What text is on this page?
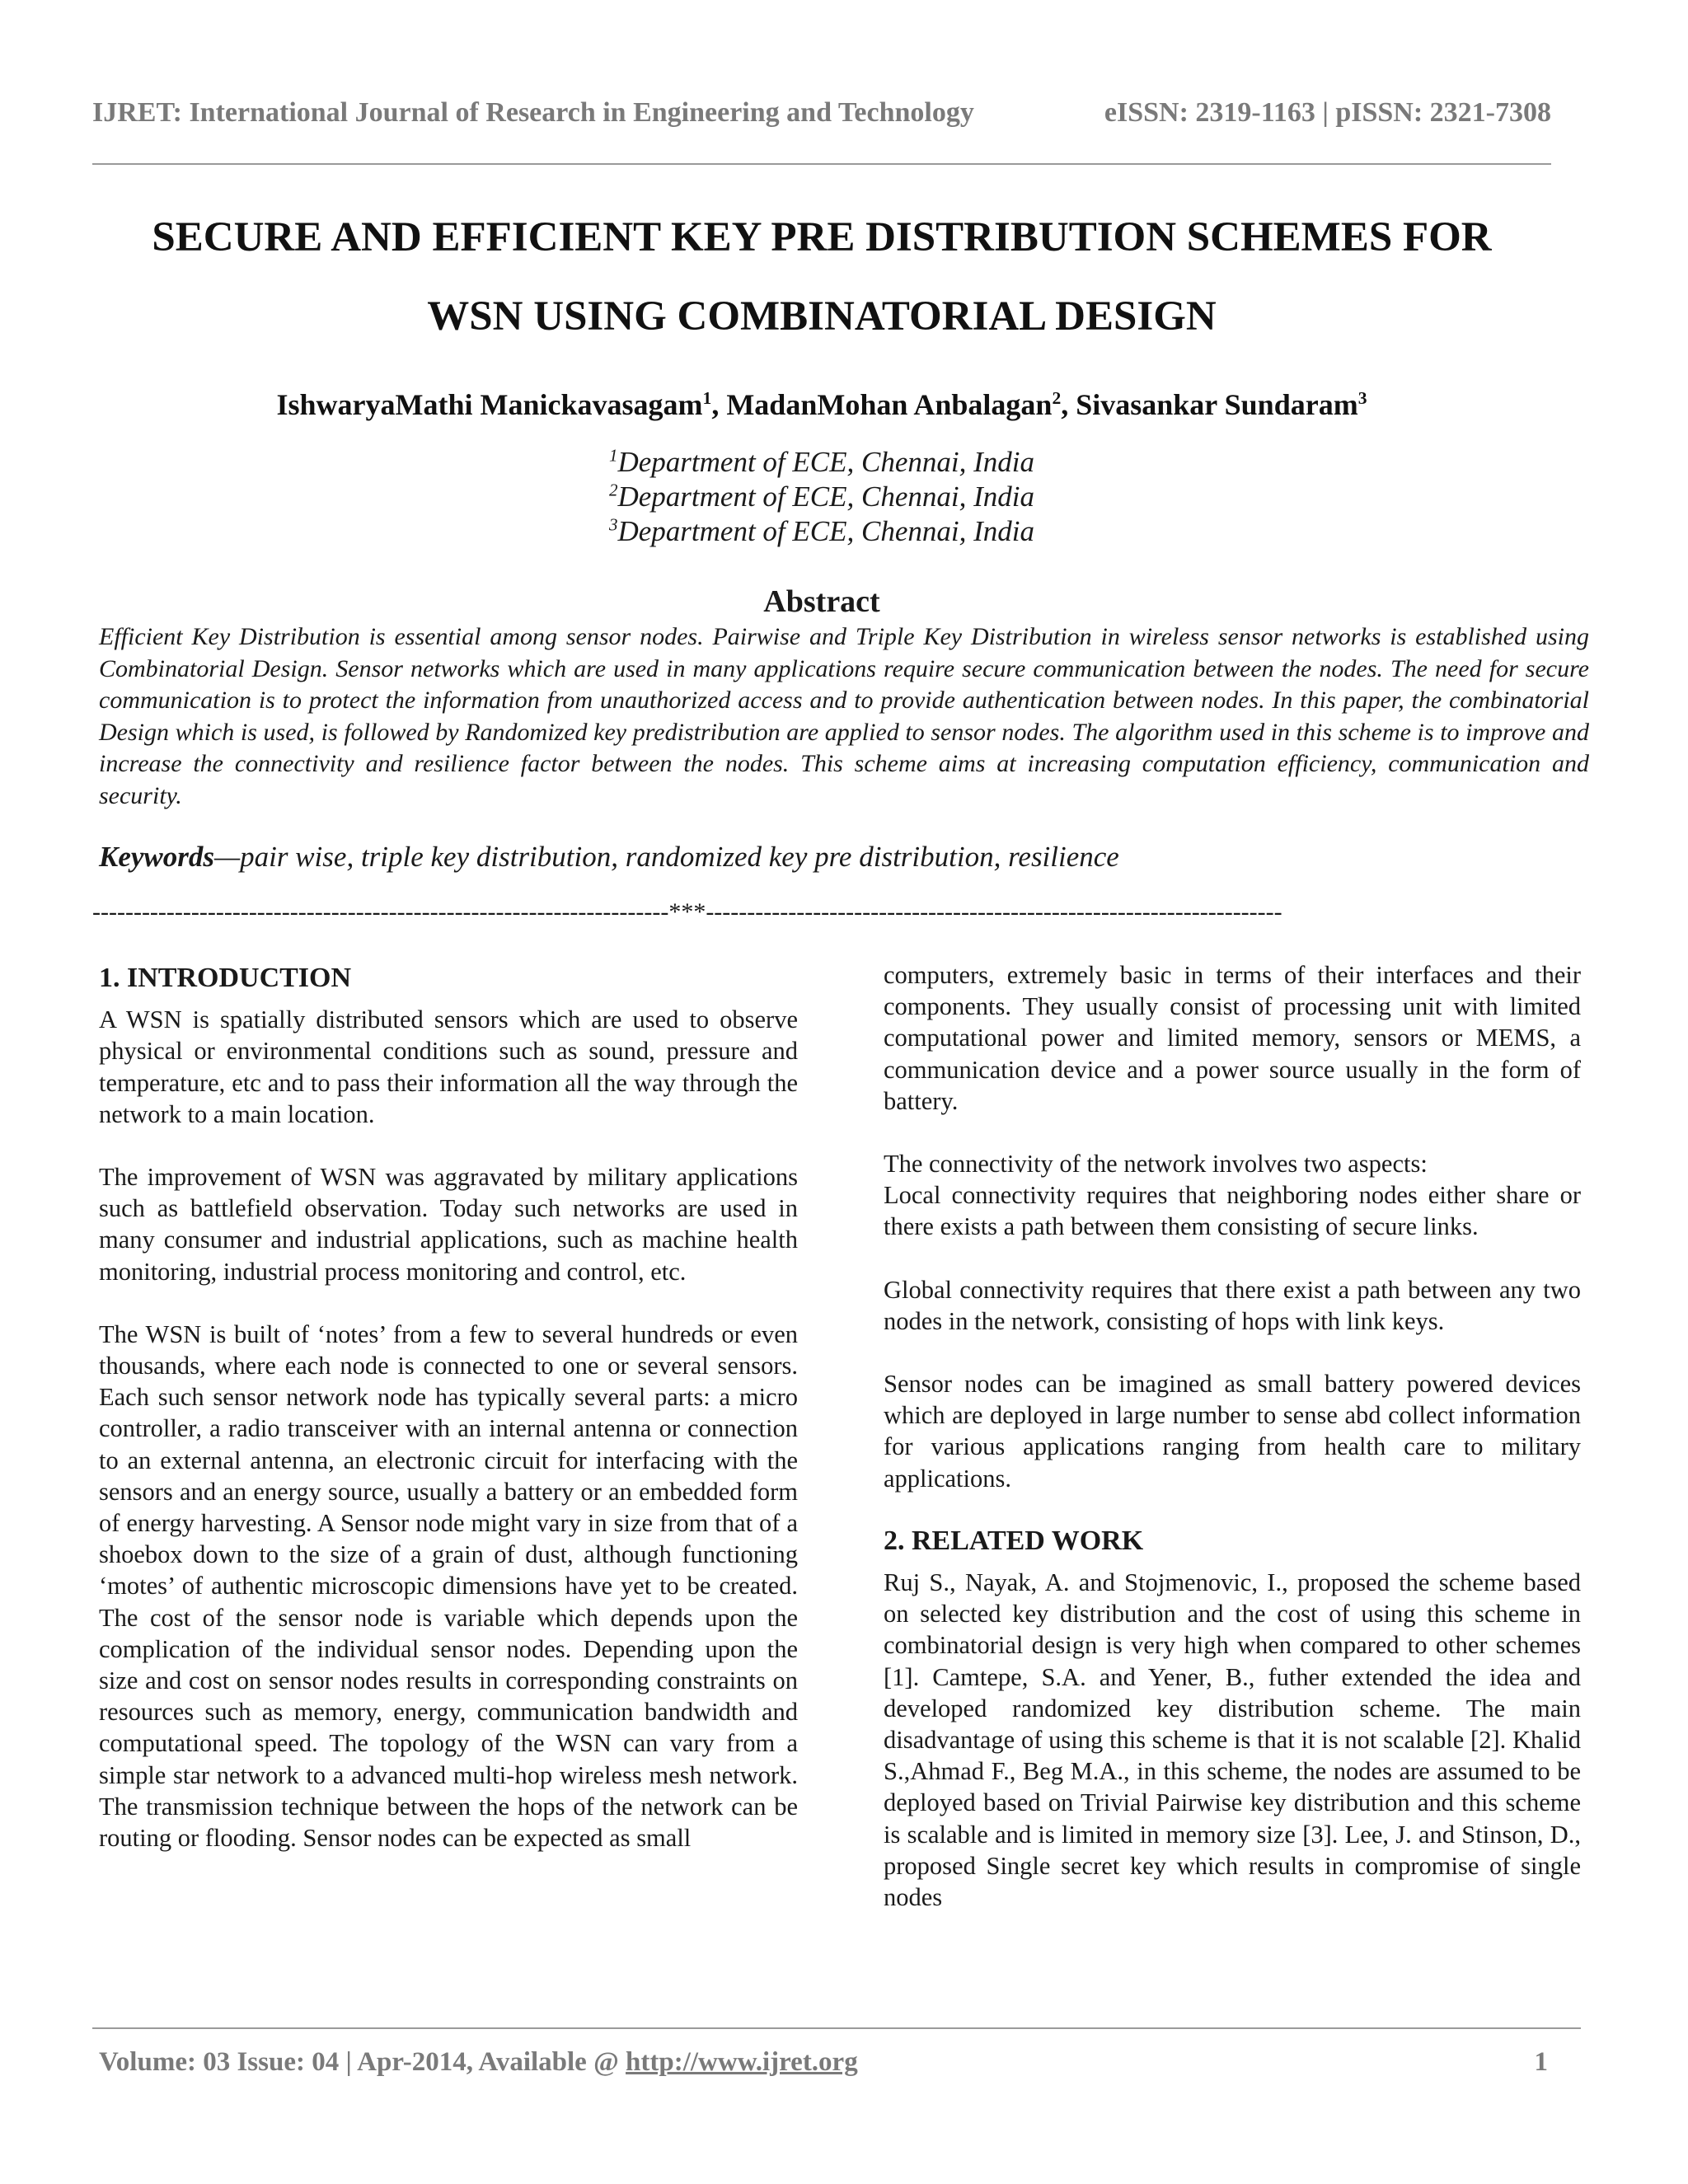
IJRET: International Journal of Research in Engineering and Technology	eISSN: 2319-1163 | pISSN: 2321-7308
SECURE AND EFFICIENT KEY PRE DISTRIBUTION SCHEMES FOR
WSN USING COMBINATORIAL DESIGN
IshwaryaMathi Manickavasagam$^1$, MadanMohan Anbalagan$^2$, Sivasankar Sundaram$^3$
$^1$Department of ECE, Chennai, India
$^2$Department of ECE, Chennai, India
$^3$Department of ECE, Chennai, India
Abstract
Efficient Key Distribution is essential among sensor nodes. Pairwise and Triple Key Distribution in wireless sensor networks is established using Combinatorial Design. Sensor networks which are used in many applications require secure communication between the nodes. The need for secure communication is to protect the information from unauthorized access and to provide authentication between nodes. In this paper, the combinatorial Design which is used, is followed by Randomized key predistribution are applied to sensor nodes. The algorithm used in this scheme is to improve and increase the connectivity and resilience factor between the nodes. This scheme aims at increasing computation efficiency, communication and security.
Keywords—pair wise, triple key distribution, randomized key pre distribution, resilience
----------------------------------------------------------------------***----------------------------------------------------------------------
1. INTRODUCTION

A WSN is spatially distributed sensors which are used to observe physical or environmental conditions such as sound, pressure and temperature, etc and to pass their information all the way through the network to a main location.

The improvement of WSN was aggravated by military applications such as battlefield observation. Today such networks are used in many consumer and industrial applications, such as machine health monitoring, industrial process monitoring and control, etc.

The WSN is built of ‘notes’ from a few to several hundreds or even thousands, where each node is connected to one or several sensors. Each such sensor network node has typically several parts: a micro controller, a radio transceiver with an internal antenna or connection to an external antenna, an electronic circuit for interfacing with the sensors and an energy source, usually a battery or an embedded form of energy harvesting. A Sensor node might vary in size from that of a shoebox down to the size of a grain of dust, although functioning ‘motes’ of authentic microscopic dimensions have yet to be created. The cost of the sensor node is variable which depends upon the complication of the individual sensor nodes. Depending upon the size and cost on sensor nodes results in corresponding constraints on resources such as memory, energy, communication bandwidth and computational speed. The topology of the WSN can vary from a simple star network to a advanced multi-hop wireless mesh network. The transmission technique between the hops of the network can be routing or flooding. Sensor nodes can be expected as small

computers, extremely basic in terms of their interfaces and their components. They usually consist of processing unit with limited computational power and limited memory, sensors or MEMS, a communication device and a power source usually in the form of battery.

The connectivity of the network involves two aspects:
Local connectivity requires that neighboring nodes either share or there exists a path between them consisting of secure links.

Global connectivity requires that there exist a path between any two nodes in the network, consisting of hops with link keys.

Sensor nodes can be imagined as small battery powered devices which are deployed in large number to sense abd collect information for various applications ranging from health care to military applications.

2. RELATED WORK

Ruj S., Nayak, A. and Stojmenovic, I., proposed the scheme based on selected key distribution and the cost of using this scheme in combinatorial design is very high when compared to other schemes [1]. Camtepe, S.A. and Yener, B., futher extended the idea and developed randomized key distribution scheme. The main disadvantage of using this scheme is that it is not scalable [2]. Khalid S.,Ahmad F., Beg M.A., in this scheme, the nodes are assumed to be deployed based on Trivial Pairwise key distribution and this scheme is scalable and is limited in memory size [3]. Lee, J. and Stinson, D., proposed Single secret key which results in compromise of single nodes

Volume: 03 Issue: 04 | Apr-2014, Available @ http://www.ijret.org	1
